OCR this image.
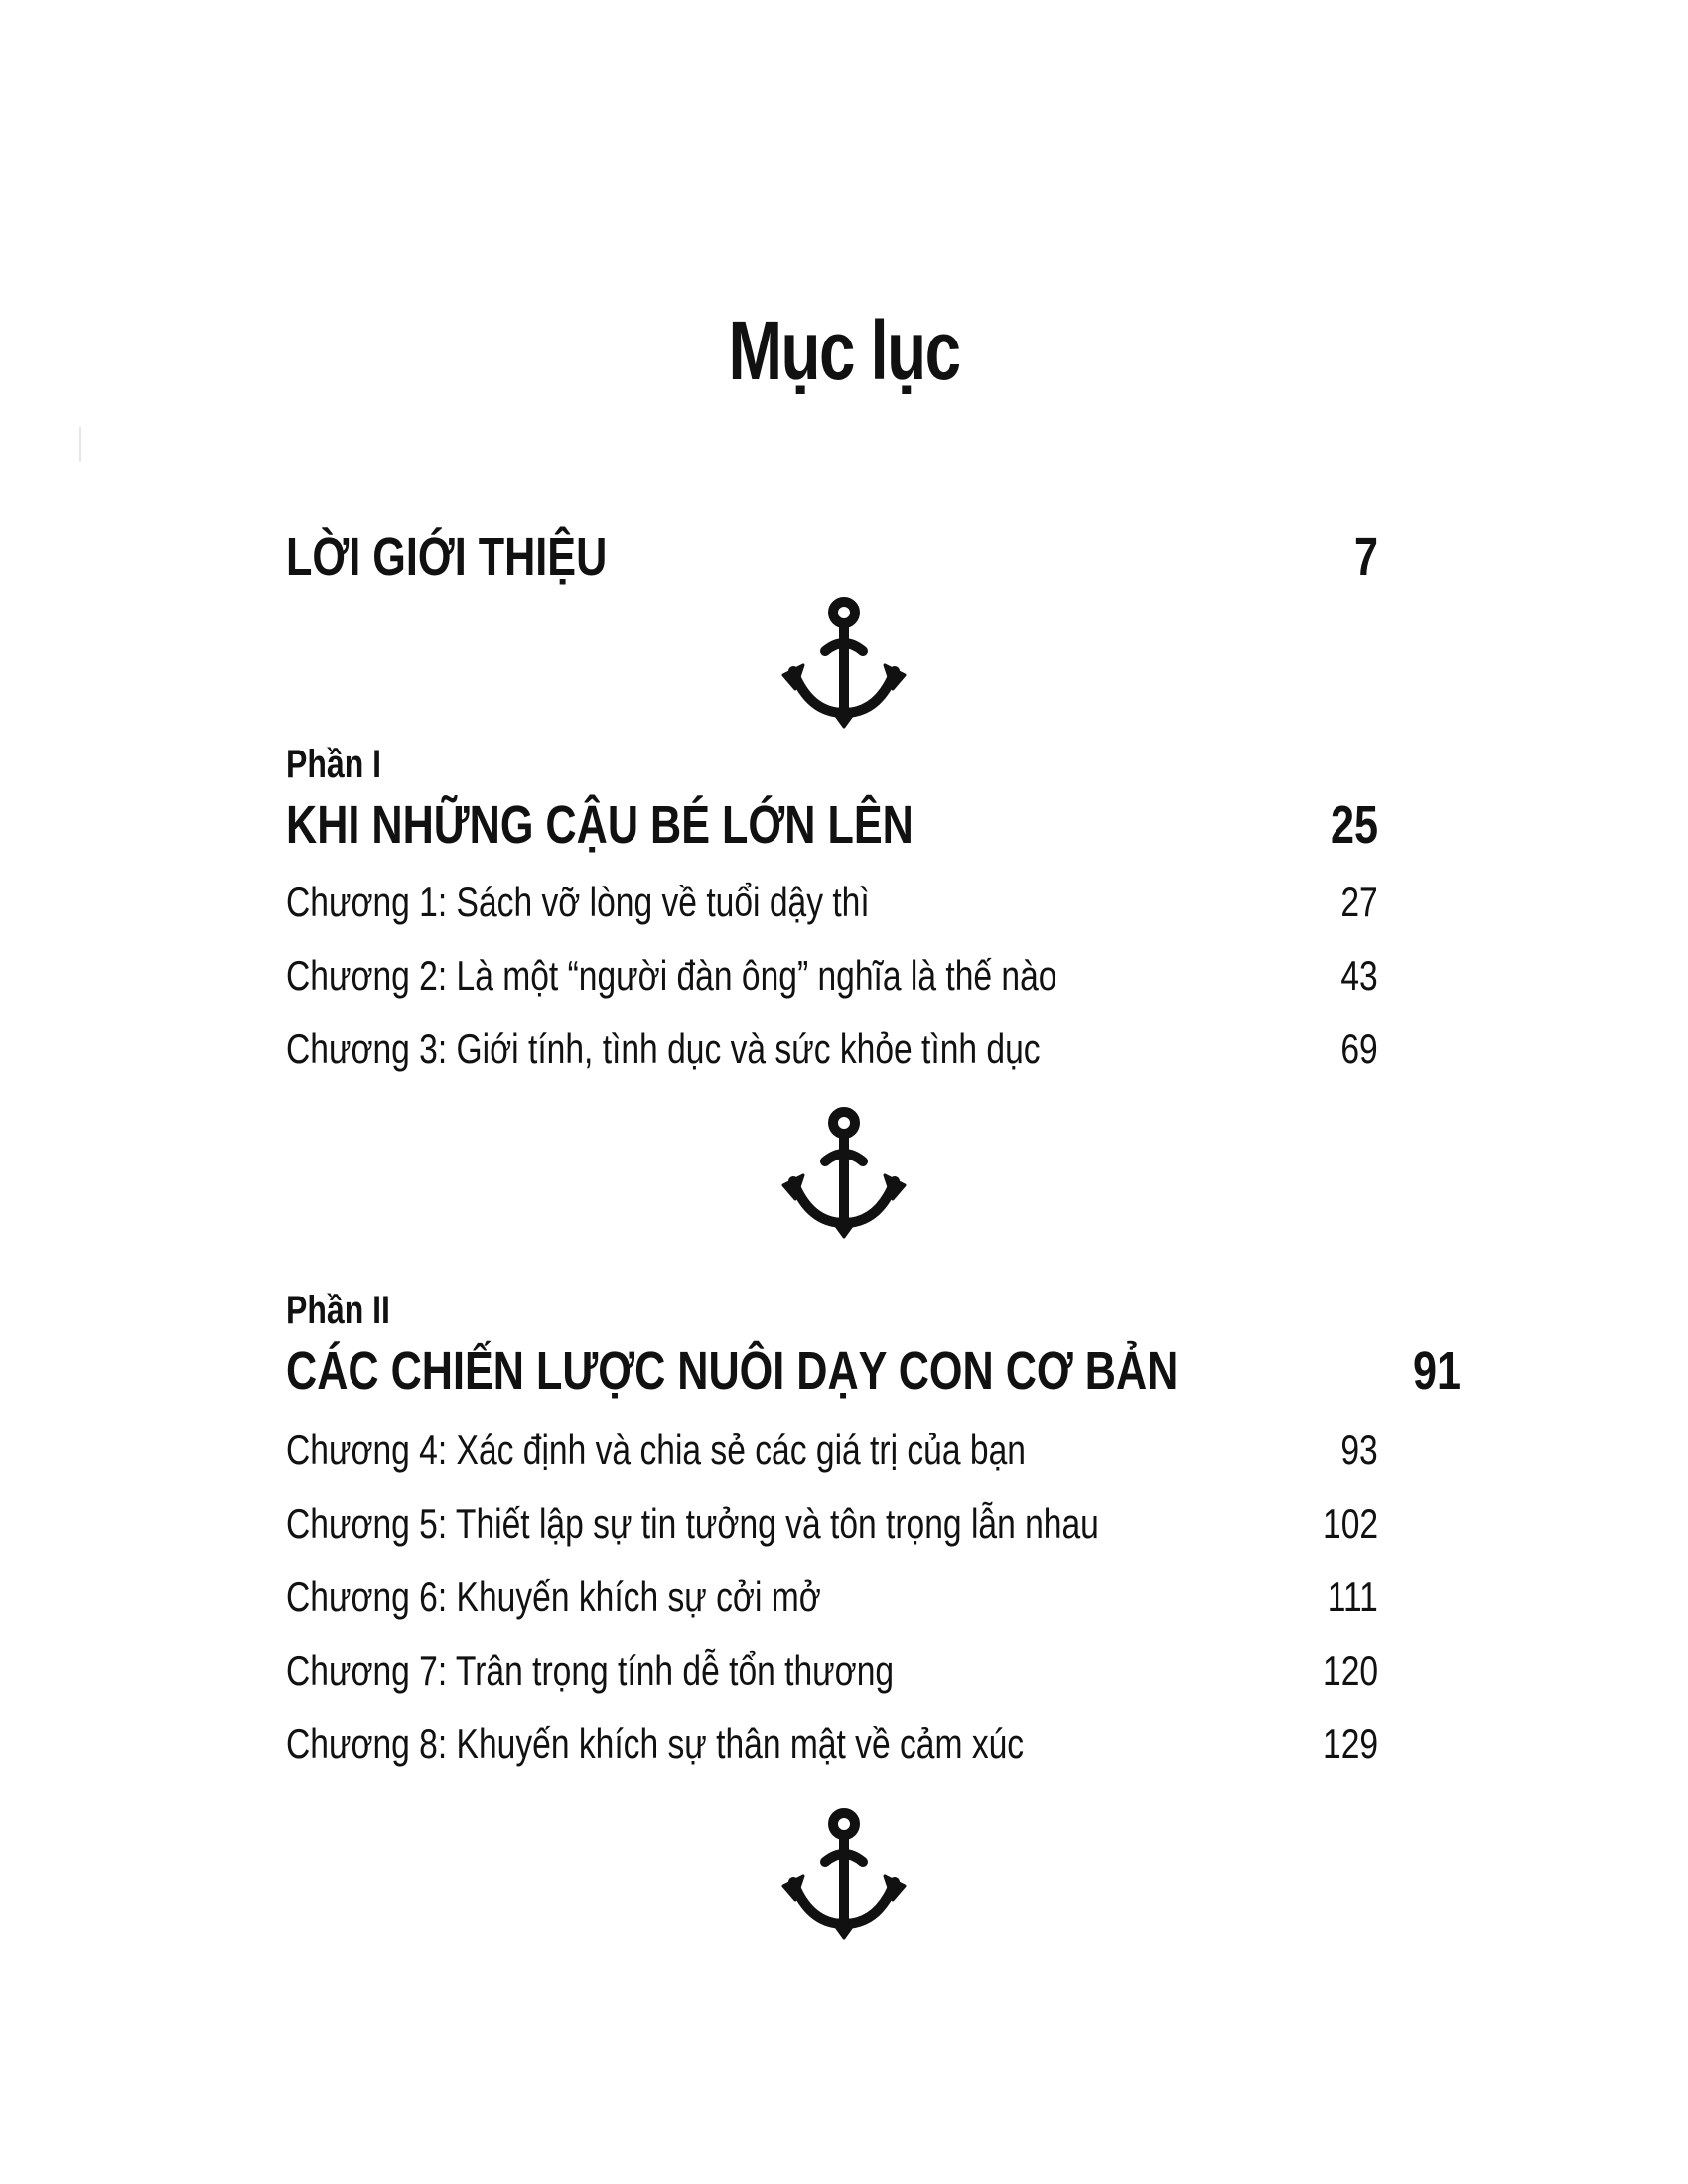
Mục lục
LỜI GIỚI THIỆU	7
Phần I
KHI NHỮNG CẬU BÉ LỚN LÊN	25
Chương 1: Sách vỡ lòng về tuổi dậy thì	27
Chương 2: Là một “người đàn ông” nghĩa là thế nào	43
Chương 3: Giới tính, tình dục và sức khỏe tình dục	69
Phần II
CÁC CHIẾN LƯỢC NUÔI DẠY CON CƠ BẢN	91
Chương 4: Xác định và chia sẻ các giá trị của bạn	93
Chương 5: Thiết lập sự tin tưởng và tôn trọng lẫn nhau	102
Chương 6: Khuyến khích sự cởi mở	111
Chương 7: Trân trọng tính dễ tổn thương	120
Chương 8: Khuyến khích sự thân mật về cảm xúc	129
